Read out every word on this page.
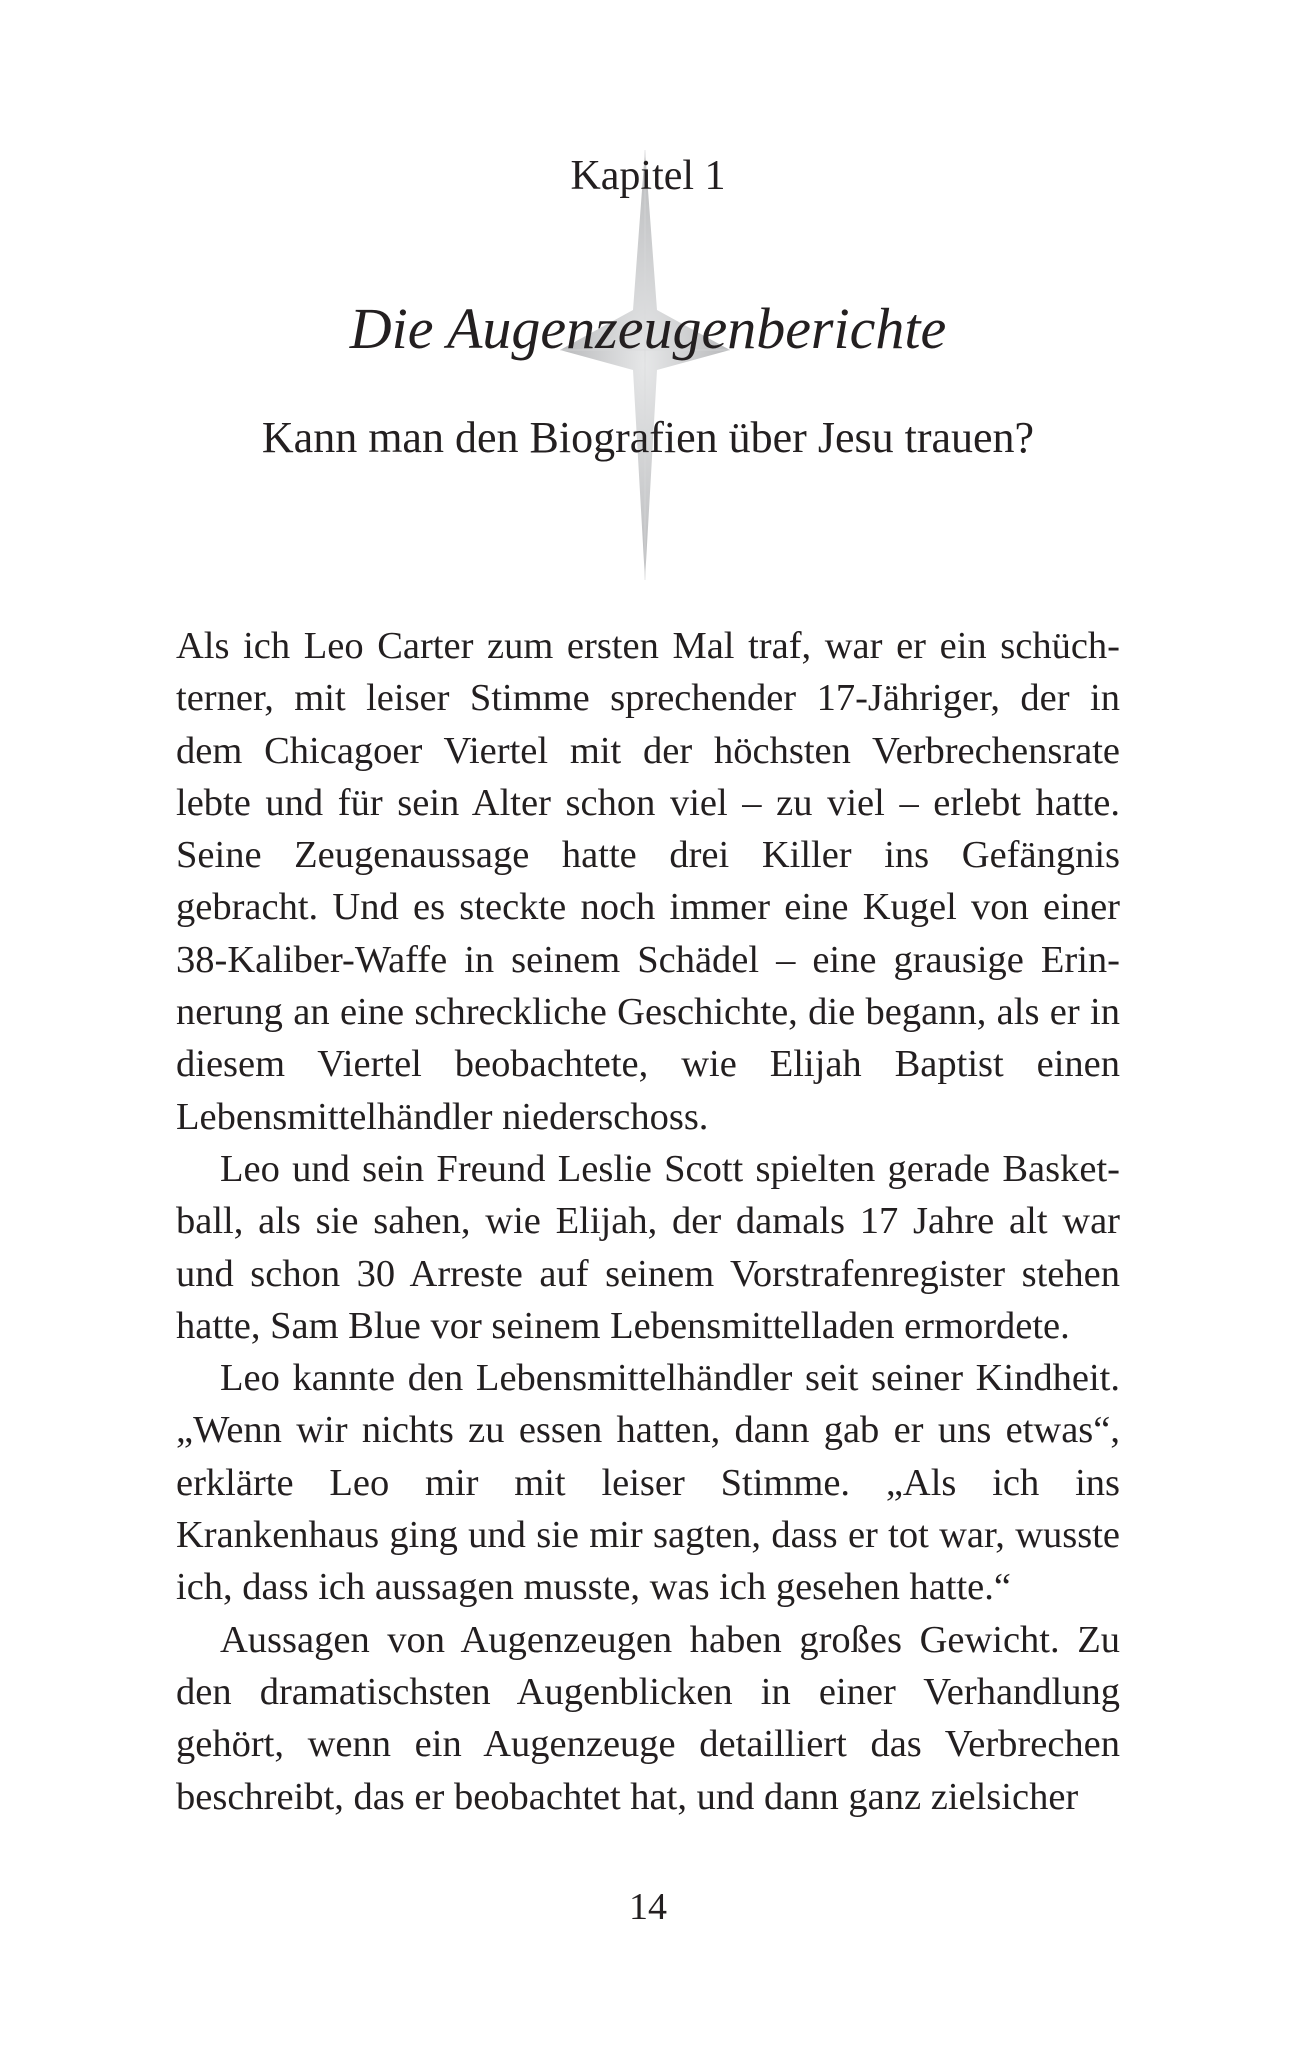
Kapitel 1
Die Augenzeugenberichte
Kann man den Biografien über Jesu trauen?

Als ich Leo Carter zum ersten Mal traf, war er ein schüchterner, mit leiser Stimme sprechender 17-Jähriger, der in dem Chicagoer Viertel mit der höchsten Verbrechensrate lebte und für sein Alter schon viel – zu viel – erlebt hatte. Seine Zeugenaussage hatte drei Killer ins Gefängnis gebracht. Und es steckte noch immer eine Kugel von einer 38-Kaliber-Waffe in seinem Schädel – eine grausige Erinnerung an eine schreckliche Geschichte, die begann, als er in diesem Viertel beobachtete, wie Elijah Baptist einen Lebensmittelhändler niederschoss.

Leo und sein Freund Leslie Scott spielten gerade Basketball, als sie sahen, wie Elijah, der damals 17 Jahre alt war und schon 30 Arreste auf seinem Vorstrafenregister stehen hatte, Sam Blue vor seinem Lebensmittelladen ermordete.

Leo kannte den Lebensmittelhändler seit seiner Kindheit. „Wenn wir nichts zu essen hatten, dann gab er uns etwas“, erklärte Leo mir mit leiser Stimme. „Als ich ins Krankenhaus ging und sie mir sagten, dass er tot war, wusste ich, dass ich aussagen musste, was ich gesehen hatte.“

Aussagen von Augenzeugen haben großes Gewicht. Zu den dramatischsten Augenblicken in einer Verhandlung gehört, wenn ein Augenzeuge detailliert das Verbrechen beschreibt, das er beobachtet hat, und dann ganz zielsicher

14
